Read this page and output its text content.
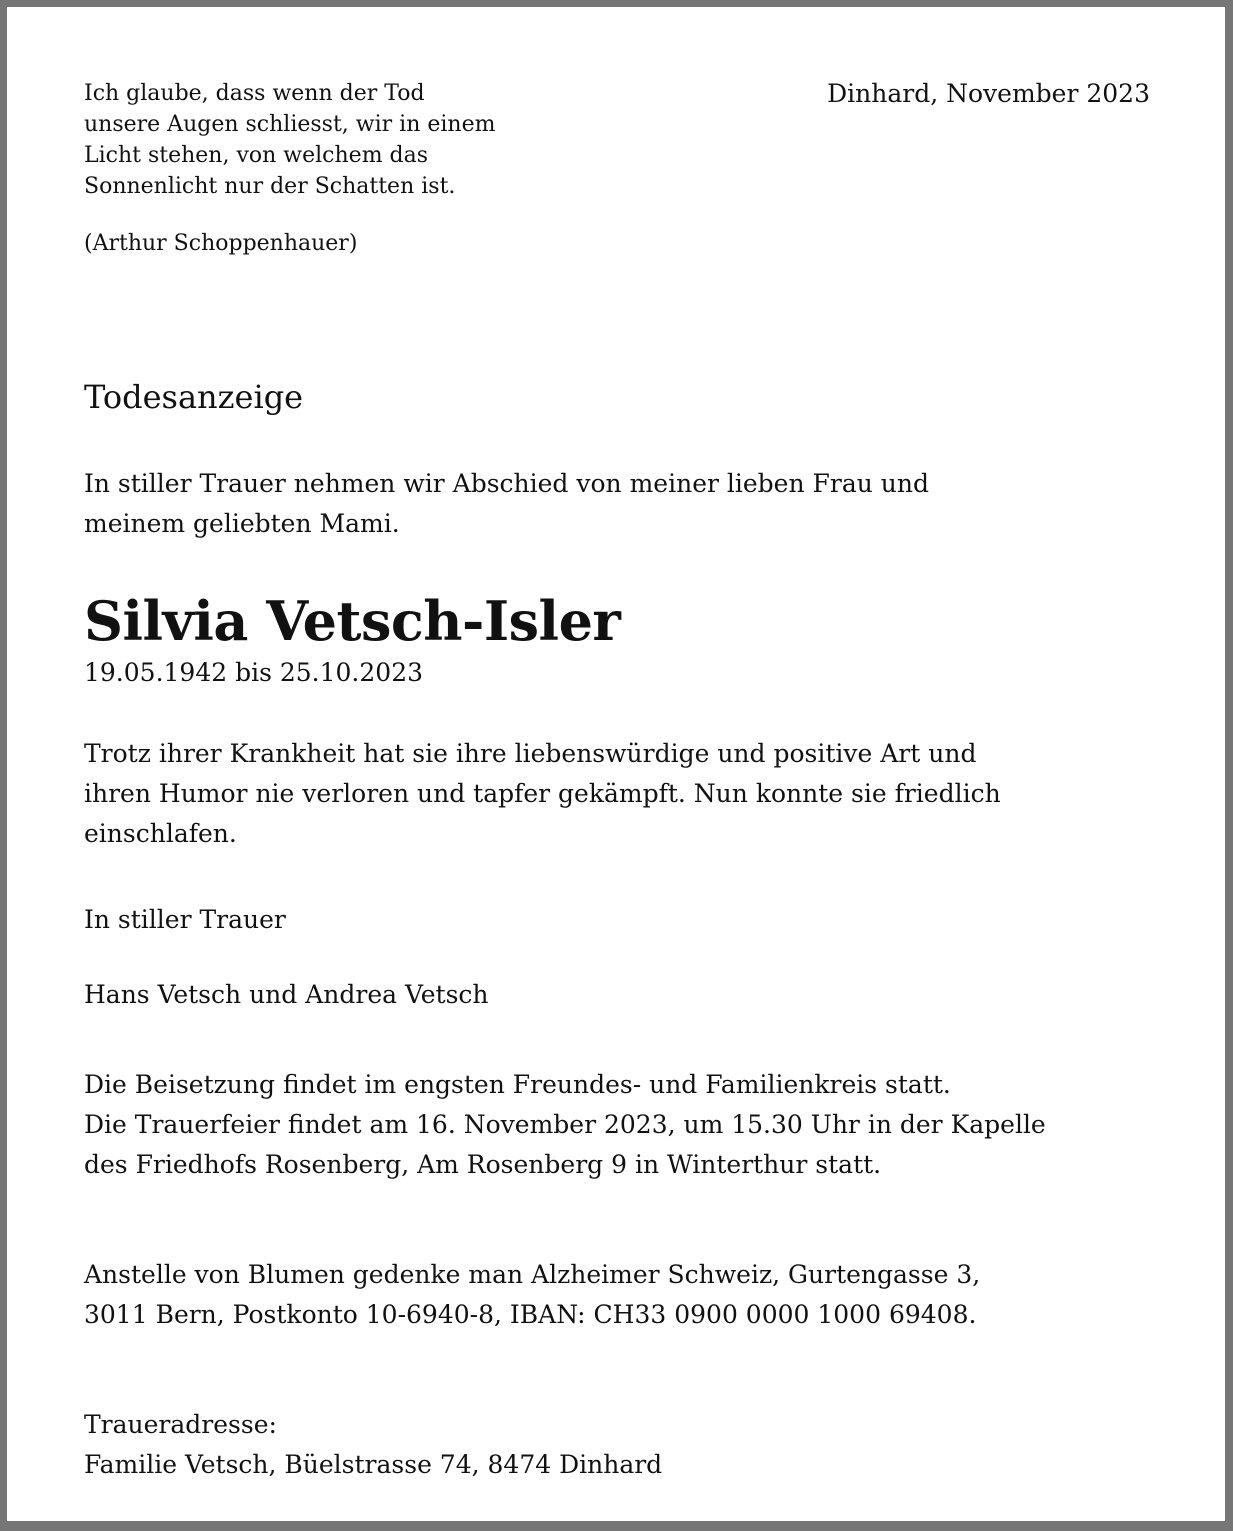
Ich glaube, dass wenn der Tod
unsere Augen schliesst, wir in einem
Licht stehen, von welchem das
Sonnenlicht nur der Schatten ist.
Dinhard, November 2023
(Arthur Schoppenhauer)
Todesanzeige
In stiller Trauer nehmen wir Abschied von meiner lieben Frau und
meinem geliebten Mami.
Silvia Vetsch-Isler
19.05.1942 bis 25.10.2023
Trotz ihrer Krankheit hat sie ihre liebenswürdige und positive Art und
ihren Humor nie verloren und tapfer gekämpft. Nun konnte sie friedlich
einschlafen.
In stiller Trauer
Hans Vetsch und Andrea Vetsch
Die Beisetzung findet im engsten Freundes- und Familienkreis statt.
Die Trauerfeier findet am 16. November 2023, um 15.30 Uhr in der Kapelle
des Friedhofs Rosenberg, Am Rosenberg 9 in Winterthur statt.
Anstelle von Blumen gedenke man Alzheimer Schweiz, Gurtengasse 3,
3011 Bern, Postkonto 10-6940-8, IBAN: CH33 0900 0000 1000 69408.
Traueradresse:
Familie Vetsch, Büelstrasse 74, 8474 Dinhard
